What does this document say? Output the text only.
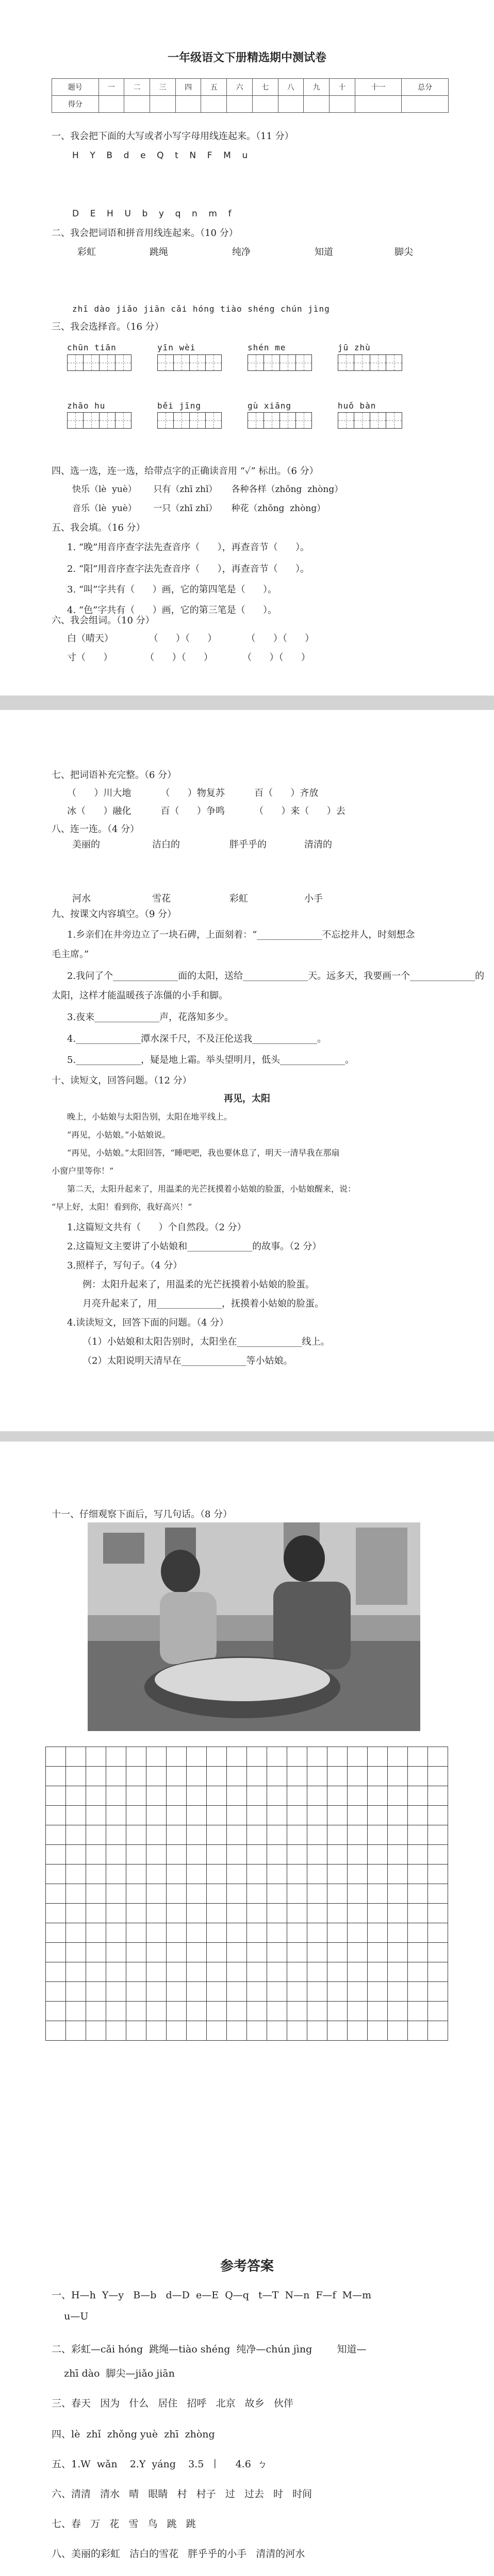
一年级语文下册精选期中测试卷
题号	一	二	三	四	五	六	七	八	九	十	十一	总分
得分												
一、我会把下面的大写或者小写字母用线连起来。（11 分）
H    Y    B    d    e    Q    t    N    F    M    u
D    E    H    U    b    y    q    n    m    f
二、我会把词语和拼音用线连起来。（10 分）
彩虹	跳绳	纯净	知道	脚尖
zhī dào jiǎo jiān cǎi hóng tiào shéng chún jìng
三、我会选择音。（16 分）
chūn tiān	yīn wèi	shén me	jū zhù
zhāo hu	běi jīng	gù xiāng	huǒ bàn
四、选一选，连一选，给带点字的正确读音用 “✓” 标出。（6 分）
快乐（lè  yuè）      只有（zhī zhǐ）     各种各样（zhǒng  zhòng）
音乐（lè  yuè）      一只（zhī zhǐ）     种花（zhǒng  zhòng）
五、我会填。（16 分）
1. “晚”用音序查字法先查音序（      ），再查音节（      ）。
2. “阳”用音序查字法先查音序（      ），再查音节（      ）。
3. “叫”字共有（      ）画，它的第四笔是（      ）。
4. “色”字共有（      ）画，它的第三笔是（      ）。
六、我会组词。（10 分）
白（晴天）            （      ）（      ）          （      ）（      ）
寸（      ）           （      ）（      ）          （      ）（      ）
七、把词语补充完整。（6 分）
（      ）川大地          （      ）物复苏          百（      ）齐放
冰（      ）融化          百（      ）争鸣          （      ）来（      ）去
八、连一连。（4 分）
美丽的	洁白的	胖乎乎的	清清的
河水	雪花	彩虹	小手
九、按课文内容填空。（9 分）
1.乡亲们在井旁边立了一块石碑，上面刻着：“______________不忘挖井人，时刻想念
毛主席。”
2.我问了个______________面的太阳，送给______________天。远多天，我要画一个______________的
太阳，这样才能温暖孩子冻僵的小手和脚。
3.夜来______________声，花落知多少。
4.______________潭水深千尺，不及汪伦送我______________。
5.______________，疑是地上霜。举头望明月，低头______________。
十、读短文，回答问题。（12 分）
再见，太阳
晚上，小姑娘与太阳告别，太阳在地平线上。
“再见，小姑娘。”小姑娘说。
“再见，小姑娘。”太阳回答，“睡吧吧，我也要休息了，明天一清早我在那扇
小窗户里等你！”
第二天，太阳升起来了，用温柔的光芒抚摸着小姑娘的脸蛋，小姑娘醒来，说：
“早上好，太阳！看到你，我好高兴！”
1.这篇短文共有（      ）个自然段。（2 分）
2.这篇短文主要讲了小姑娘和______________的故事。（2 分）
3.照样子，写句子。（4 分）
例：太阳升起来了，用温柔的光芒抚摸着小姑娘的脸蛋。
月亮升起来了，用______________，抚摸着小姑娘的脸蛋。
4.读读短文，回答下面的问题。（4 分）
（1）小姑娘和太阳告别时，太阳坐在______________线上。
（2）太阳说明天清早在______________等小姑娘。
十一、仔细观察下面后，写几句话。（8 分）
参考答案
一、H—h  Y—y   B—b   d—D  e—E  Q—q   t—T  N—n  F—f  M—m
u—U
二、彩虹—cǎi hóng  跳绳—tiào shéng  纯净—chún jìng        知道—
zhī dào  脚尖—jiǎo jiān
三、春天   因为   什么   居住   招呼   北京   故乡   伙伴
四、lè  zhǐ  zhǒng yuè  zhī  zhòng
五、1.W  wǎn    2.Y  yáng    3.5  丨     4.6  ㄅ
六、清清   清水   晴   眼睛   村   村子   过   过去   时   时间
七、春   万   花   雪   鸟   跳   跳
八、美丽的彩虹   洁白的雪花   胖乎乎的小手   清清的河水
